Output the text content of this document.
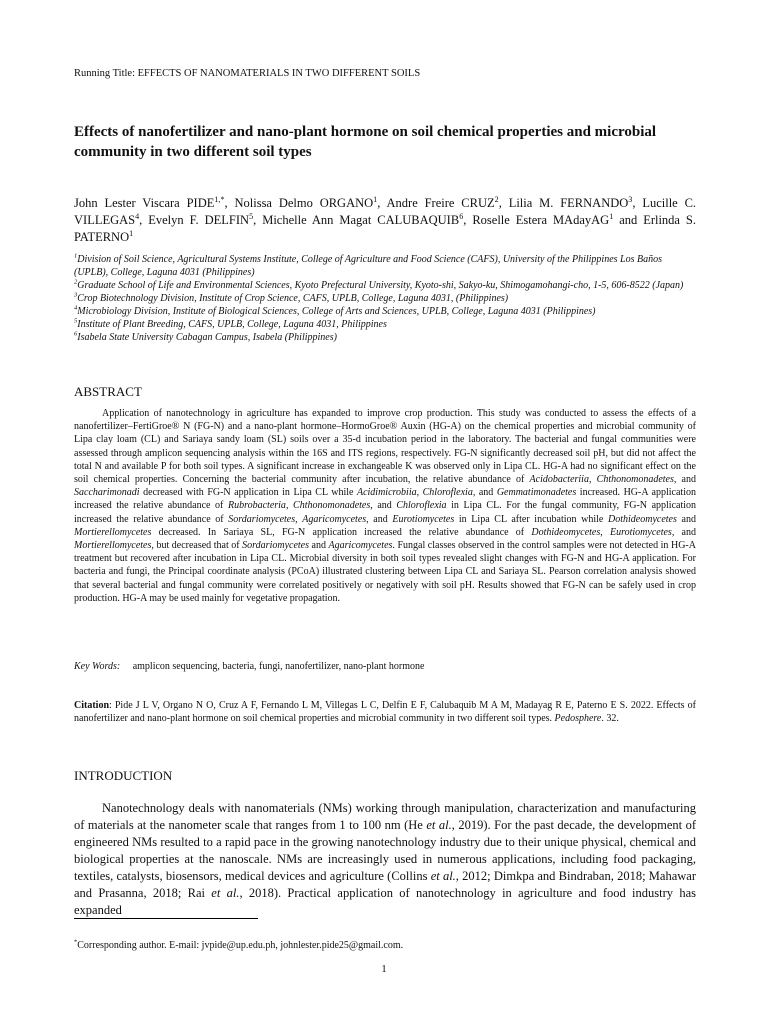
Running Title: EFFECTS OF NANOMATERIALS IN TWO DIFFERENT SOILS
Effects of nanofertilizer and nano-plant hormone on soil chemical properties and microbial community in two different soil types
John Lester Viscara $PIDE^{1,*}$, Nolissa Delmo ORGANO$^1$, Andre Freire CRUZ$^2$, Lilia M. FERNANDO$^3$, Lucille C. VILLEGAS$^4$, Evelyn F. DELFIN$^5$, Michelle Ann Magat CALUBAQUIB$^6$, Roselle Estera MAdayAG$^1$ and Erlinda S. PATERNO$^1$
$^1$Division of Soil Science, Agricultural Systems Institute, College of Agriculture and Food Science (CAFS), University of the Philippines Los Baños (UPLB), College, Laguna 4031 (Philippines)
$^2$Graduate School of Life and Environmental Sciences, Kyoto Prefectural University, Kyoto-shi, Sakyo-ku, Shimogamohangi-cho, 1-5, 606-8522 (Japan)
$^3$Crop Biotechnology Division, Institute of Crop Science, CAFS, UPLB, College, Laguna 4031, (Philippines)
$^4$Microbiology Division, Institute of Biological Sciences, College of Arts and Sciences, UPLB, College, Laguna 4031 (Philippines)
$^5$Institute of Plant Breeding, CAFS, UPLB, College, Laguna 4031, Philippines
$^6$Isabela State University Cabagan Campus, Isabela (Philippines)
ABSTRACT
Application of nanotechnology in agriculture has expanded to improve crop production. This study was conducted to assess the effects of a nanofertilizer–FertiGroe® N (FG-N) and a nano-plant hormone–HormoGroe® Auxin (HG-A) on the chemical properties and microbial community of Lipa clay loam (CL) and Sariaya sandy loam (SL) soils over a 35-d incubation period in the laboratory. The bacterial and fungal communities were assessed through amplicon sequencing analysis within the 16S and ITS regions, respectively. FG-N significantly decreased soil pH, but did not affect the total N and available P for both soil types. A significant increase in exchangeable K was observed only in Lipa CL. HG-A had no significant effect on the soil chemical properties. Concerning the bacterial community after incubation, the relative abundance of Acidobacteriia, Chthonomonadetes, and Saccharimonadi decreased with FG-N application in Lipa CL while Acidimicrobiia, Chloroflexia, and Gemmatimonadetes increased. HG-A application increased the relative abundance of Rubrobacteria, Chthonomonadetes, and Chloroflexia in Lipa CL. For the fungal community, FG-N application increased the relative abundance of Sordariomycetes, Agaricomycetes, and Eurotiomycetes in Lipa CL after incubation while Dothideomycetes and Mortierellomycetes decreased. In Sariaya SL, FG-N application increased the relative abundance of Dothideomycetes, Eurotiomycetes, and Mortierellomycetes, but decreased that of Sordariomycetes and Agaricomycetes. Fungal classes observed in the control samples were not detected in HG-A treatment but recovered after incubation in Lipa CL. Microbial diversity in both soil types revealed slight changes with FG-N and HG-A application. For bacteria and fungi, the Principal coordinate analysis (PCoA) illustrated clustering between Lipa CL and Sariaya SL. Pearson correlation analysis showed that several bacterial and fungal community were correlated positively or negatively with soil pH. Results showed that FG-N can be safely used in crop production. HG-A may be used mainly for vegetative propagation.
Key Words: amplicon sequencing, bacteria, fungi, nanofertilizer, nano-plant hormone
Citation: Pide J L V, Organo N O, Cruz A F, Fernando L M, Villegas L C, Delfin E F, Calubaquib M A M, Madayag R E, Paterno E S. 2022. Effects of nanofertilizer and nano-plant hormone on soil chemical properties and microbial community in two different soil types. Pedosphere. 32.
INTRODUCTION
Nanotechnology deals with nanomaterials (NMs) working through manipulation, characterization and manufacturing of materials at the nanometer scale that ranges from 1 to 100 nm (He et al., 2019). For the past decade, the development of engineered NMs resulted to a rapid pace in the growing nanotechnology industry due to their unique physical, chemical and biological properties at the nanoscale. NMs are increasingly used in numerous applications, including food packaging, textiles, catalysts, biosensors, medical devices and agriculture (Collins et al., 2012; Dimkpa and Bindraban, 2018; Mahawar and Prasanna, 2018; Rai et al., 2018). Practical application of nanotechnology in agriculture and food industry has expanded
*Corresponding author. E-mail: jvpide@up.edu.ph, johnlester.pide25@gmail.com.
1
